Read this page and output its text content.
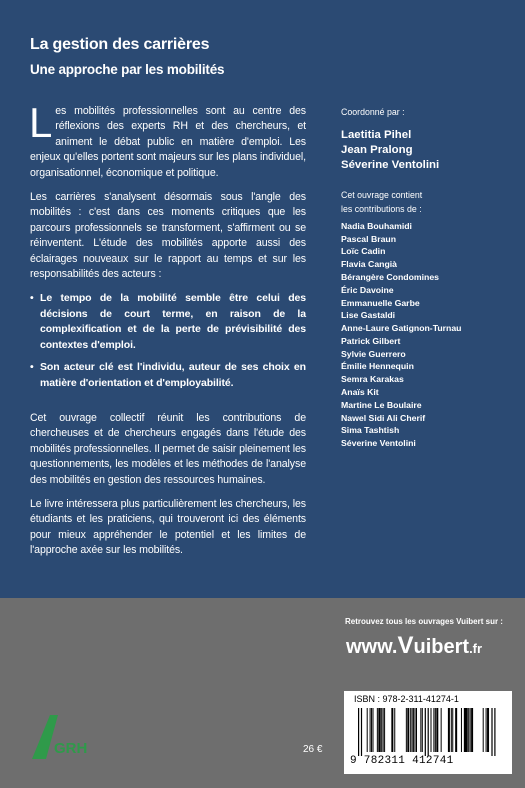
La gestion des carrières
Une approche par les mobilités

Les mobilités professionnelles sont au centre des réflexions des experts RH et des chercheurs, et animent le débat public en matière d'emploi. Les enjeux qu'elles portent sont majeurs sur les plans individuel, organisationnel, économique et politique.

Les carrières s'analysent désormais sous l'angle des mobilités : c'est dans ces moments critiques que les parcours professionnels se transforment, s'affirment ou se réinventent. L'étude des mobilités apporte aussi des éclairages nouveaux sur le rapport au temps et sur les responsabilités des acteurs :

• Le tempo de la mobilité semble être celui des décisions de court terme, en raison de la complexification et de la perte de prévisibilité des contextes d'emploi.
• Son acteur clé est l'individu, auteur de ses choix en matière d'orientation et d'employabilité.

Cet ouvrage collectif réunit les contributions de chercheuses et de chercheurs engagés dans l'étude des mobilités professionnelles. Il permet de saisir pleinement les questionnements, les modèles et les méthodes de l'analyse des mobilités en gestion des ressources humaines.

Le livre intéressera plus particulièrement les chercheurs, les étudiants et les praticiens, qui trouveront ici des éléments pour mieux appréhender le potentiel et les limites de l'approche axée sur les mobilités.

Coordonné par :
Laetitia Pihel
Jean Pralong
Séverine Ventolini
Cet ouvrage contient
les contributions de :
Nadia Bouhamidi
Pascal Braun
Loïc Cadin
Flavia Cangià
Bérangère Condomines
Éric Davoine
Emmanuelle Garbe
Lise Gastaldi
Anne-Laure Gatignon-Turnau
Patrick Gilbert
Sylvie Guerrero
Émilie Hennequin
Semra Karakas
Anaïs Kit
Martine Le Boulaire
Nawel Sidi Ali Cherif
Sima Tashtish
Séverine Ventolini
Retrouvez tous les ouvrages Vuibert sur :
www.Vuibert.fr
ISBN : 978-2-311-41274-1
9 782311 412741
26 €
GRH
